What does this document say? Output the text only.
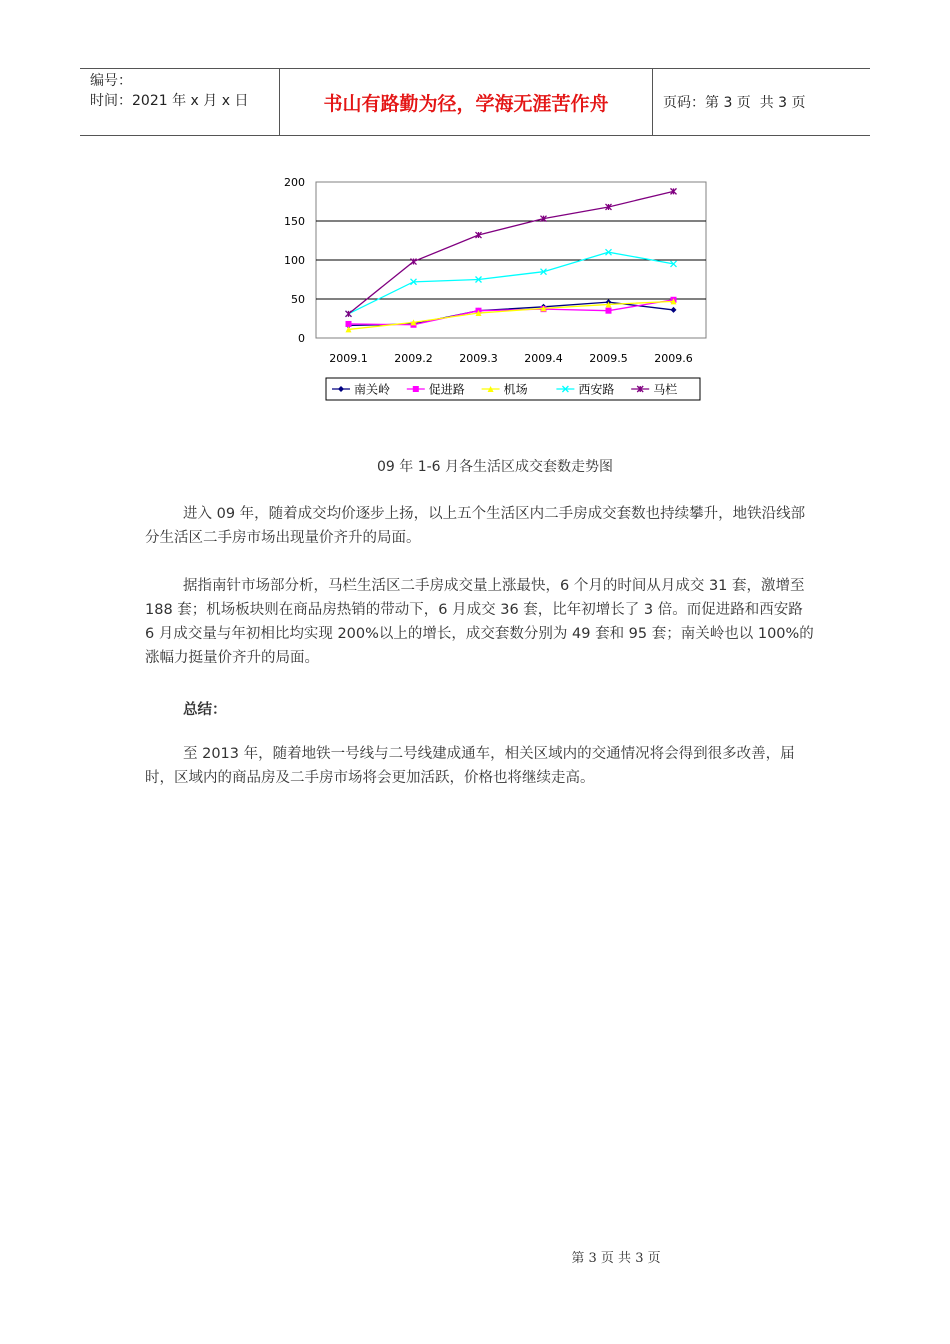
编号：
时间：2021 年 x 月 x 日	书山有路勤为径，学海无涯苦作舟	页码：第 3 页  共 3 页
0
50
100
150
200
2009.1 2009.2 2009.3 2009.4 2009.5 2009.6
南关岭	促进路	机场	西安路	马栏
09 年 1-6 月各生活区成交套数走势图

进入 09 年，随着成交均价逐步上扬，以上五个生活区内二手房成交套数也持续攀升，地铁沿线部分生活区二手房市场出现量价齐升的局面。

据指南针市场部分析，马栏生活区二手房成交量上涨最快，6 个月的时间从月成交 31 套，激增至 188 套；机场板块则在商品房热销的带动下，6 月成交 36 套，比年初增长了 3 倍。而促进路和西安路 6 月成交量与年初相比均实现 200%以上的增长，成交套数分别为 49 套和 95 套；南关岭也以 100%的涨幅力挺量价齐升的局面。

总结：

至 2013 年，随着地铁一号线与二号线建成通车，相关区域内的交通情况将会得到很多改善，届时，区域内的商品房及二手房市场将会更加活跃，价格也将继续走高。

第 3 页 共 3 页
